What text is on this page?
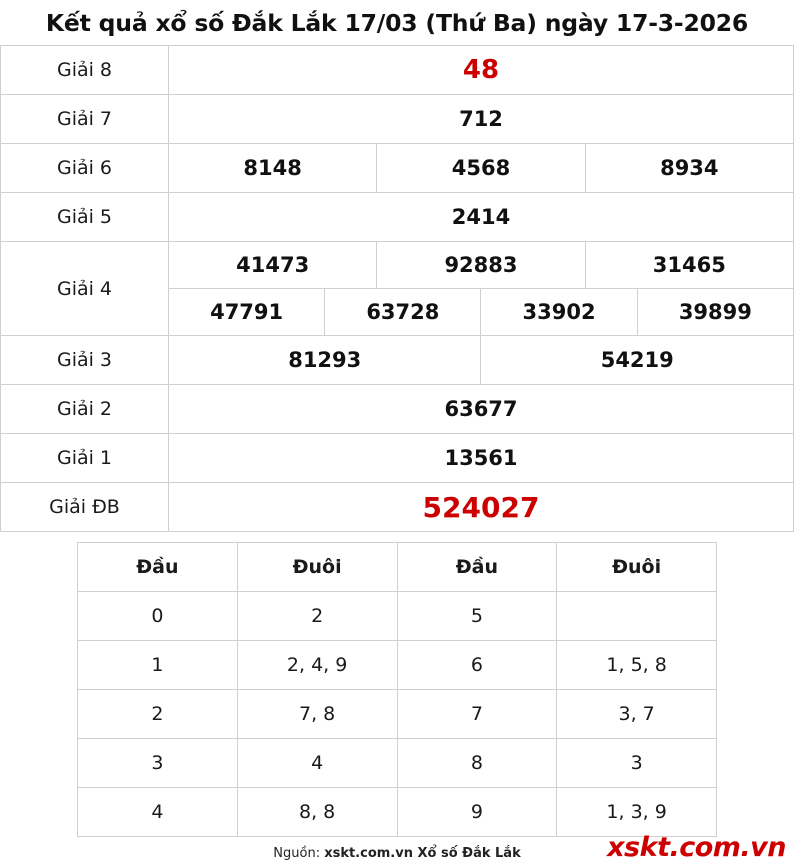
Kết quả xổ số Đắk Lắk 17/03 (Thứ Ba) ngày 17-3-2026
Giải 8	48					
Giải 7	712					
Giải 6	8148		4568		8934	
Giải 5	2414					
Giải 4	41473		92883		31465	
	47791	63728		33902		39899
Giải 3	81293			54219		
Giải 2	63677					
Giải 1	13561					
Giải ĐB	524027					
Đầu	Đuôi	Đầu	Đuôi
0	2	5	
1	2, 4, 9	6	1, 5, 8
2	7, 8	7	3, 7
3	4	8	3
4	8, 8	9	1, 3, 9
Nguồn: xskt.com.vn Xổ số Đắk Lắk	xskt.com.vn
